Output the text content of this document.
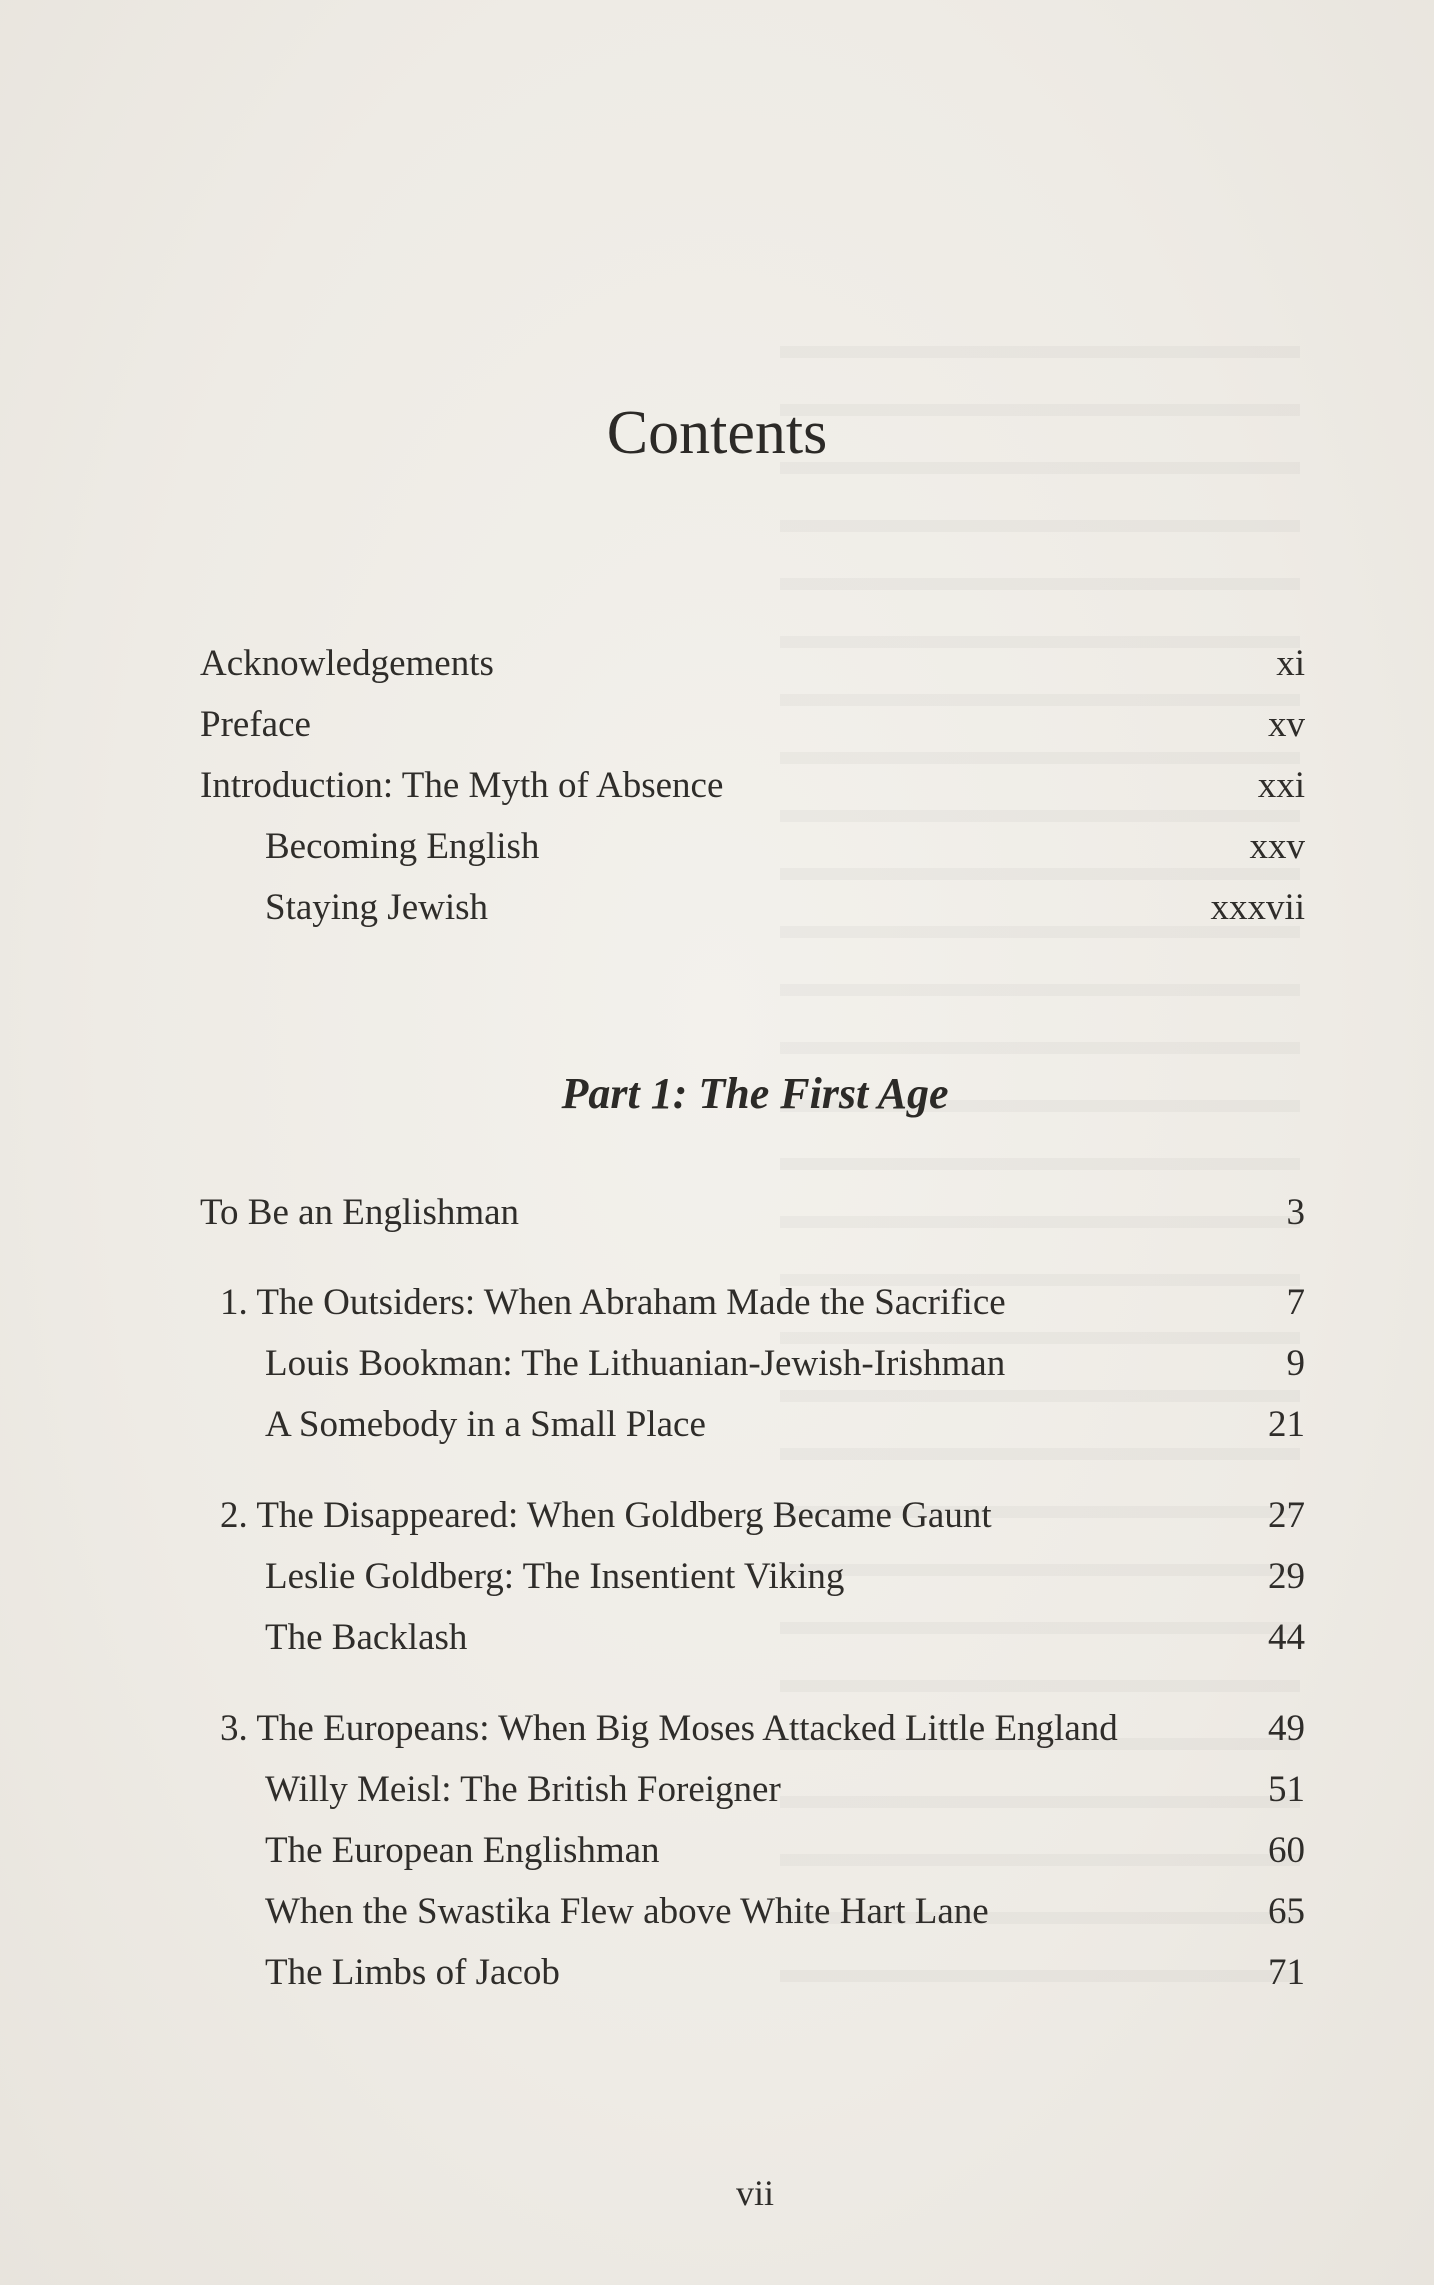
Contents
Acknowledgements	xi
Preface	xv
Introduction: The Myth of Absence	xxi
Becoming English	xxv
Staying Jewish	xxxvii
Part 1: The First Age
To Be an Englishman	3
1. The Outsiders: When Abraham Made the Sacrifice	7
Louis Bookman: The Lithuanian-Jewish-Irishman	9
A Somebody in a Small Place	21
2. The Disappeared: When Goldberg Became Gaunt	27
Leslie Goldberg: The Insentient Viking	29
The Backlash	44
3. The Europeans: When Big Moses Attacked Little England	49
Willy Meisl: The British Foreigner	51
The European Englishman	60
When the Swastika Flew above White Hart Lane	65
The Limbs of Jacob	71
vii
